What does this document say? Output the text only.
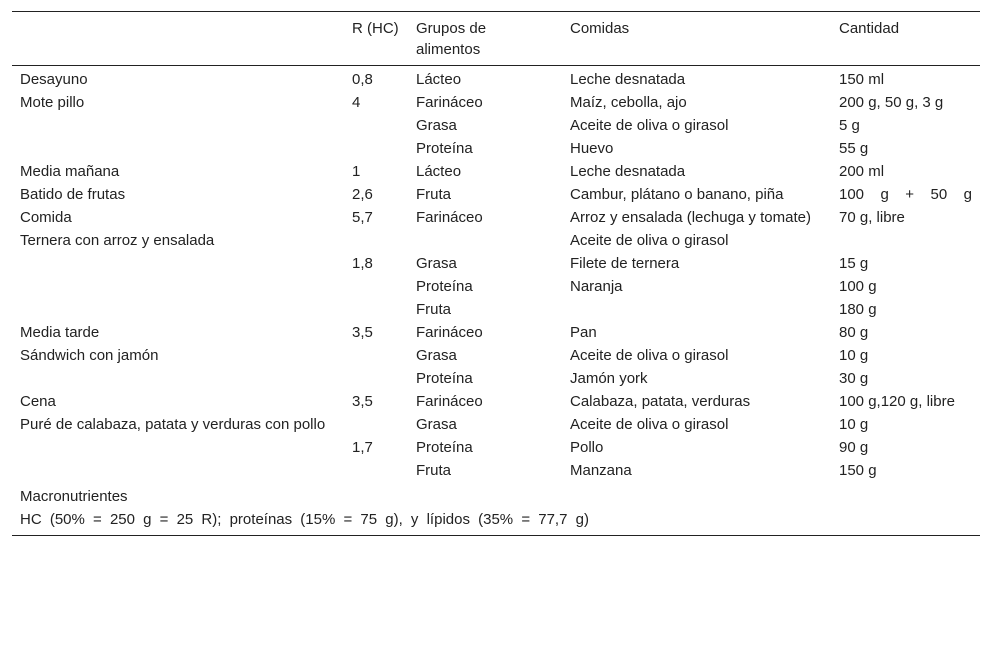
	R (HC)	Grupos de alimentos	Comidas	Cantidad

Desayuno	0,8	Lácteo	Leche desnatada	150 ml
Mote pillo	4	Farináceo	Maíz, cebolla, ajo	200 g, 50 g, 3 g
		Grasa	Aceite de oliva o girasol	5 g
		Proteína	Huevo	55 g
Media mañana	1	Lácteo	Leche desnatada	200 ml
Batido de frutas	2,6	Fruta	Cambur, plátano o banano, piña	100 g + 50 g
Comida	5,7	Farináceo	Arroz y ensalada (lechuga y tomate)	70 g, libre
Ternera con arroz y ensalada			Aceite de oliva o girasol	
	1,8	Grasa	Filete de ternera	15 g
		Proteína	Naranja	100 g
		Fruta		180 g
Media tarde	3,5	Farináceo	Pan	80 g
Sándwich con jamón		Grasa	Aceite de oliva o girasol	10 g
		Proteína	Jamón york	30 g
Cena	3,5	Farináceo	Calabaza, patata, verduras	100 g,120 g, libre
Puré de calabaza, patata y verduras con pollo		Grasa	Aceite de oliva o girasol	10 g
	1,7	Proteína	Pollo	90 g
		Fruta	Manzana	150 g
Macronutrientes				
HC (50% = 250 g = 25 R); proteínas (15% = 75 g), y lípidos (35% = 77,7 g)				
